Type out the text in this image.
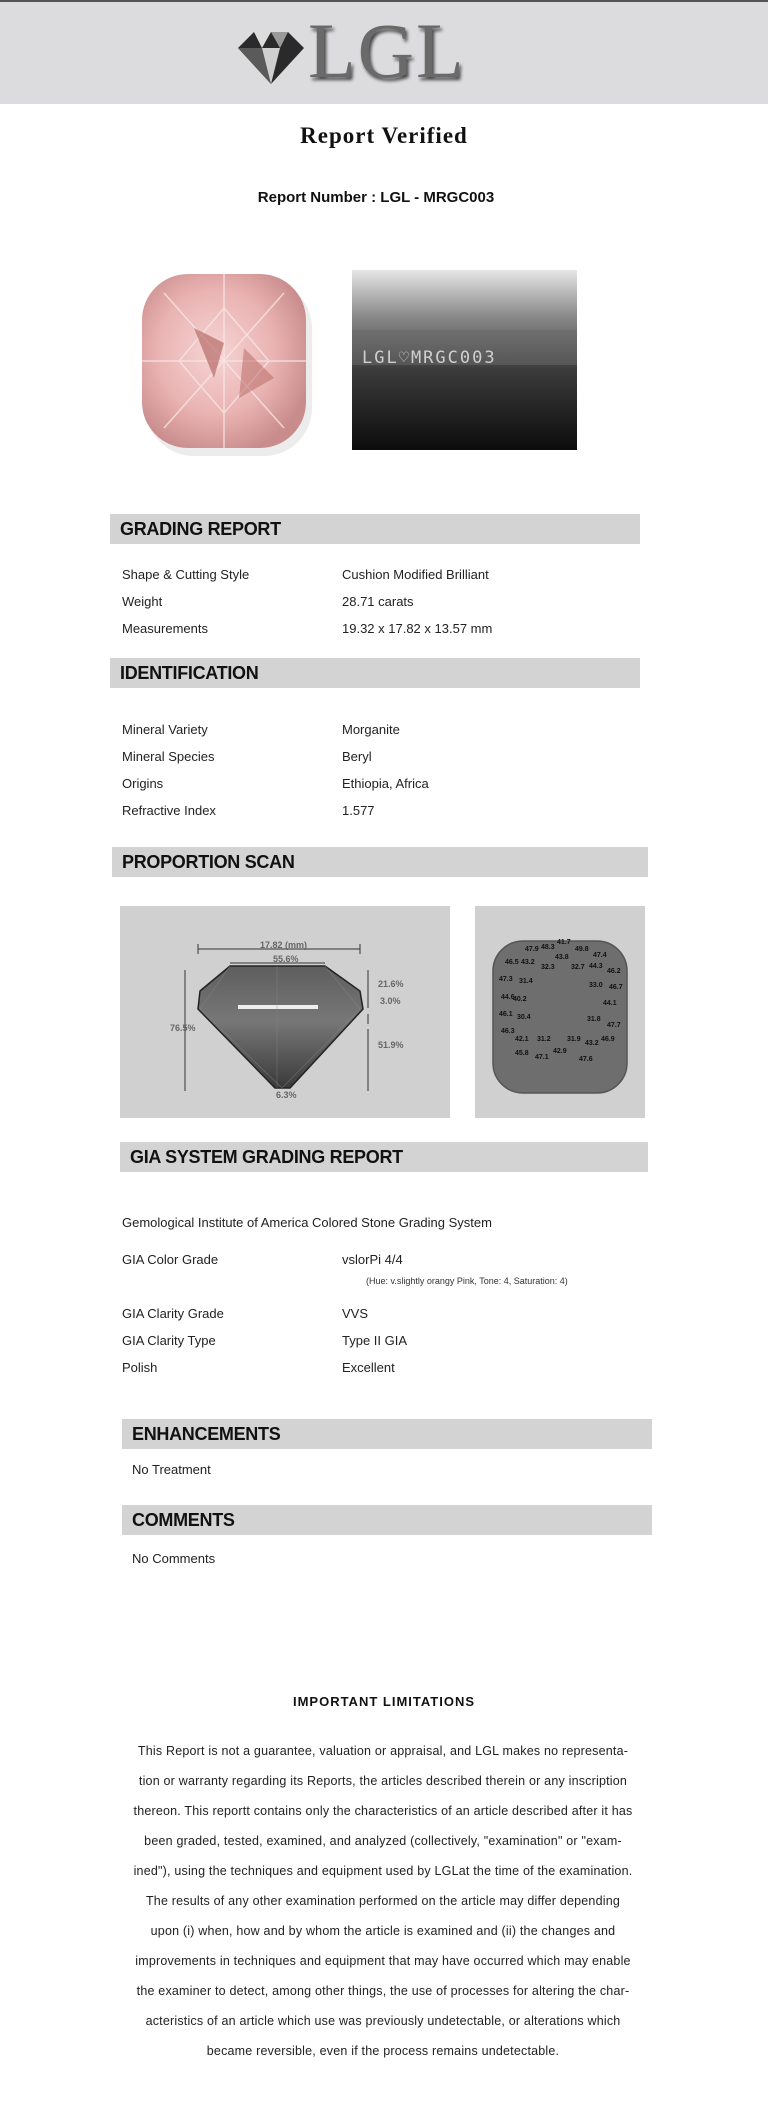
LGL
Report Verified
Report Number : LGL - MRGC003
LGL♡MRGC003
GRADING REPORT
Shape & Cutting Style	Cushion Modified Brilliant
Weight	28.71 carats
Measurements	19.32 x 17.82 x 13.57 mm
IDENTIFICATION
Mineral Variety	Morganite
Mineral Species	Beryl
Origins	Ethiopia, Africa
Refractive Index	1.577
PROPORTION SCAN
17.82 (mm)
55.6%
76.5%
21.6%
3.0%
51.9%
6.3%
41.7
47.9 48.3	49.8
46.5 43.2
43.8	47.4
32.3 32.7 44.3
46.2
47.3 31.4
33.0 46.7
44.6
40.2
44.1
46.1 30.4	31.8
47.7
46.3
42.1 31.2 31.9
43.2
46.9
45.8
47.1
42.9
47.6
GIA SYSTEM GRADING REPORT
Gemological Institute of America Colored Stone Grading System
GIA Color Grade	vslorPi 4/4
(Hue: v.slightly orangy Pink, Tone: 4, Saturation: 4)
GIA Clarity Grade	VVS
GIA Clarity Type	Type II GIA
Polish	Excellent
ENHANCEMENTS
No Treatment
COMMENTS
No Comments
IMPORTANT LIMITATIONS
This Report is not a guarantee, valuation or appraisal, and LGL makes no representa-
tion or warranty regarding its Reports, the articles described therein or any inscription
thereon. This reportt contains only the characteristics of an article described after it has
been graded, tested, examined, and analyzed (collectively, "examination" or "exam-
ined"), using the techniques and equipment used by LGLat the time of the examination.
The results of any other examination performed on the article may differ depending
upon (i) when, how and by whom the article is examined and (ii) the changes and
improvements in techniques and equipment that may have occurred which may enable
the examiner to detect, among other things, the use of processes for altering the char-
acteristics of an article which use was previously undetectable, or alterations which
became reversible, even if the process remains undetectable.
